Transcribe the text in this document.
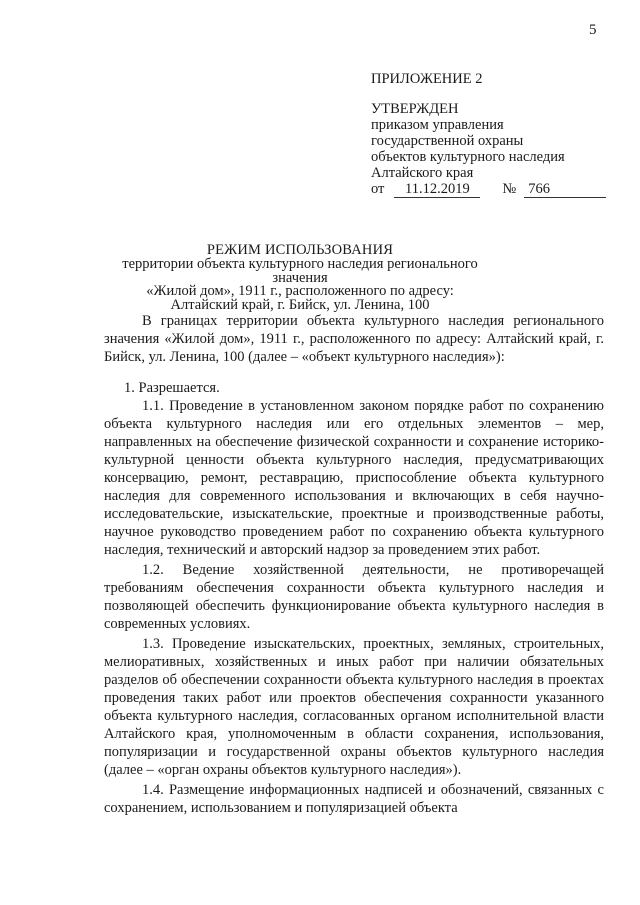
5
ПРИЛОЖЕНИЕ 2
УТВЕРЖДЕН
приказом управления
государственной охраны
объектов культурного наследия
Алтайского края
от	11.12.2019	№ 766
РЕЖИМ ИСПОЛЬЗОВАНИЯ
территории объекта культурного наследия регионального значения
«Жилой дом», 1911 г., расположенного по адресу:
Алтайский край, г. Бийск, ул. Ленина, 100

В границах территории объекта культурного наследия регионального значения «Жилой дом», 1911 г., расположенного по адресу: Алтайский край, г. Бийск, ул. Ленина, 100 (далее – «объект культурного наследия»):

1. Разрешается.

1.1. Проведение в установленном законом порядке работ по сохранению объекта культурного наследия или его отдельных элементов – мер, направленных на обеспечение физической сохранности и сохранение историко-культурной ценности объекта культурного наследия, предусматривающих консервацию, ремонт, реставрацию, приспособление объекта культурного наследия для современного использования и включающих в себя научно-исследовательские, изыскательские, проектные и производственные работы, научное руководство проведением работ по сохранению объекта культурного наследия, технический и авторский надзор за проведением этих работ.

1.2. Ведение хозяйственной деятельности, не противоречащей требованиям обеспечения сохранности объекта культурного наследия и позволяющей обеспечить функционирование объекта культурного наследия в современных условиях.

1.3. Проведение изыскательских, проектных, земляных, строительных, мелиоративных, хозяйственных и иных работ при наличии обязательных разделов об обеспечении сохранности объекта культурного наследия в проектах проведения таких работ или проектов обеспечения сохранности указанного объекта культурного наследия, согласованных органом исполнительной власти Алтайского края, уполномоченным в области сохранения, использования, популяризации и государственной охраны объектов культурного наследия (далее – «орган охраны объектов культурного наследия»).

1.4. Размещение информационных надписей и обозначений, связанных с сохранением, использованием и популяризацией объекта
